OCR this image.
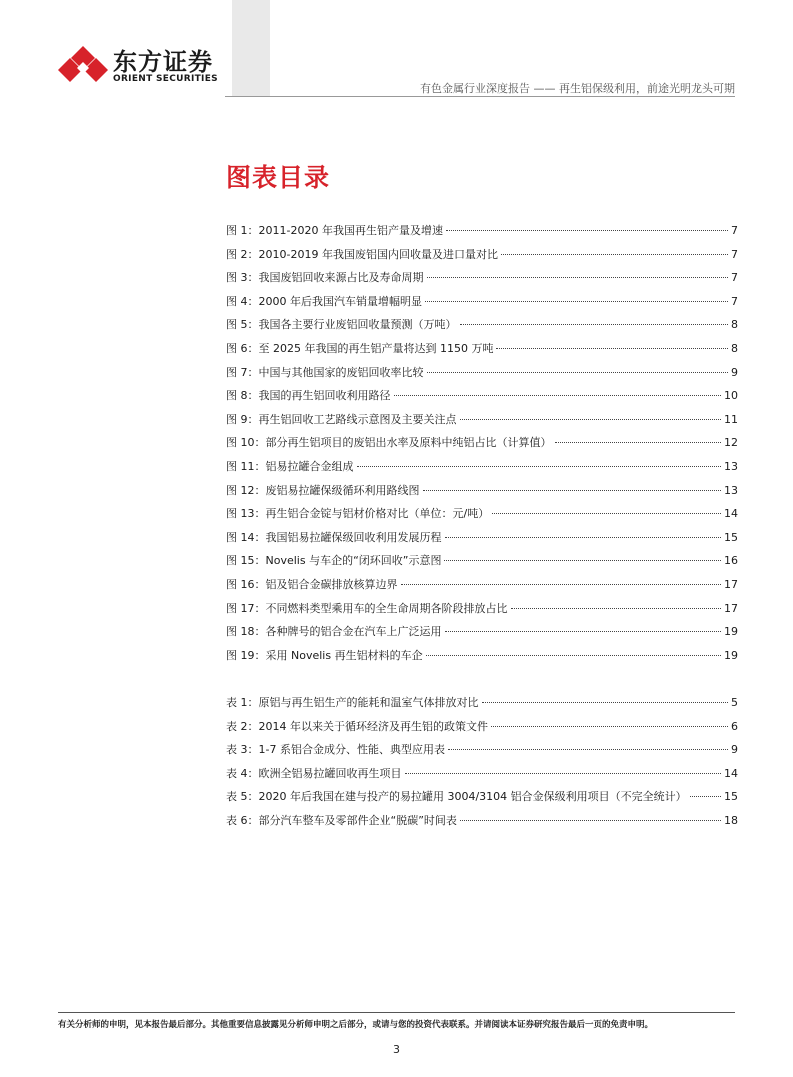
东方证券
ORIENT SECURITIES
有色金属行业深度报告 —— 再生铝保级利用，前途光明龙头可期
图表目录
图 1：2011-2020 年我国再生铝产量及增速	7
图 2：2010-2019 年我国废铝国内回收量及进口量对比	7
图 3：我国废铝回收来源占比及寿命周期	7
图 4：2000 年后我国汽车销量增幅明显	7
图 5：我国各主要行业废铝回收量预测（万吨）	8
图 6：至 2025 年我国的再生铝产量将达到 1150 万吨	8
图 7：中国与其他国家的废铝回收率比较	9
图 8：我国的再生铝回收利用路径	10
图 9：再生铝回收工艺路线示意图及主要关注点	11
图 10：部分再生铝项目的废铝出水率及原料中纯铝占比（计算值）	12
图 11：铝易拉罐合金组成	13
图 12：废铝易拉罐保级循环利用路线图	13
图 13：再生铝合金锭与铝材价格对比（单位：元/吨）	14
图 14：我国铝易拉罐保级回收利用发展历程	15
图 15：Novelis 与车企的“闭环回收”示意图	16
图 16：铝及铝合金碳排放核算边界	17
图 17：不同燃料类型乘用车的全生命周期各阶段排放占比	17
图 18：各种牌号的铝合金在汽车上广泛运用	19
图 19：采用 Novelis 再生铝材料的车企	19
表 1：原铝与再生铝生产的能耗和温室气体排放对比	5
表 2：2014 年以来关于循环经济及再生铝的政策文件	6
表 3：1-7 系铝合金成分、性能、典型应用表	9
表 4：欧洲全铝易拉罐回收再生项目	14
表 5：2020 年后我国在建与投产的易拉罐用 3004/3104 铝合金保级利用项目（不完全统计）	15
表 6：部分汽车整车及零部件企业“脱碳”时间表	18
有关分析师的申明，见本报告最后部分。其他重要信息披露见分析师申明之后部分，或请与您的投资代表联系。并请阅读本证券研究报告最后一页的免责申明。
3
